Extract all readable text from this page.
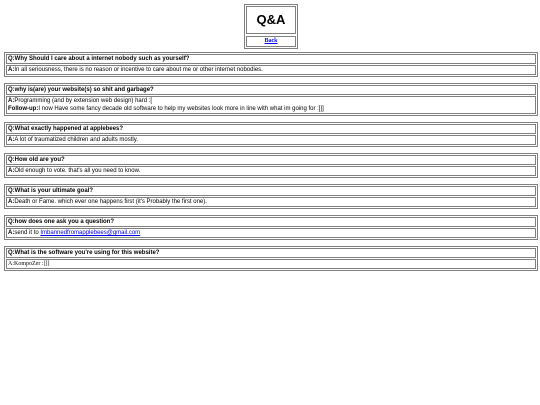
Q&A
Back
Q:Why Should I care about a internet nobody such as yourself?
A:In all seriousness, there is no reason or incentive to care about me or other internet nobodies.
Q:why is(are) your website(s) so shit and garbage?
A:Programming (and by extension web design) hard :[
Follow-up:I now Have some fancy decade old software to help my websites look more in line with what im going for :]]]
Q:What exactly happened at applebees?
A:A lot of traumatized children and adults mostly.
Q:How old are you?
A:Old enough to vote. that's all you need to know.
Q:What is your ultimate goal?
A:Death or Fame. which ever one happens first (it's Probably the first one).
Q:how does one ask you a question?
A:send it to Imbannedfromapplebees@gmail.com
Q:What is the software you're using for this website?
A:KompoZer :]]]
